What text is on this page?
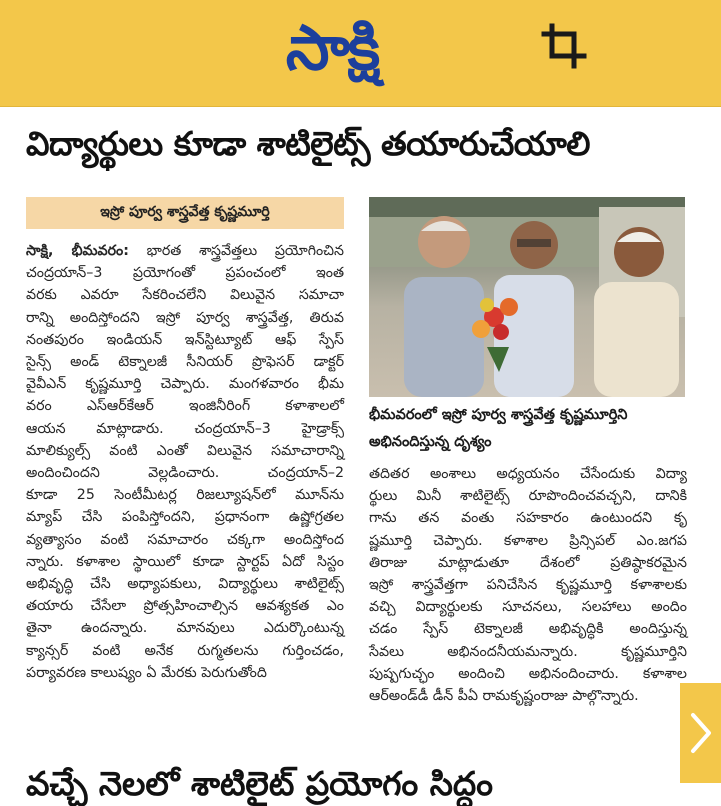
సాక్షి
విద్యార్థులు కూడా శాటిలైట్స్ తయారుచేయాలి
ఇస్రో పూర్వ శాస్త్రవేత్త కృష్ణమూర్తి
సాక్షి, భీమవరం: భారత శాస్త్రవేత్తలు ప్రయోగించిన
చంద్రయాన్‌–3 ప్రయోగంతో ప్రపంచంలో ఇంత
వరకు ఎవరూ సేకరించలేని విలువైన సమాచా
రాన్ని అందిస్తోందని ఇస్రో పూర్వ శాస్త్రవేత్త, తిరువ
నంతపురం ఇండియన్‌ ఇన్‌స్టిట్యూట్‌ ఆఫ్‌ స్పేస్‌
సైన్స్‌ అండ్‌ టెక్నాలజీ సీనియర్‌ ప్రొఫెసర్‌ డాక్టర్‌
వైవీఎన్‌ కృష్ణమూర్తి చెప్పారు. మంగళవారం భీమ
వరం ఎస్‌ఆర్‌కేఆర్‌ ఇంజినీరింగ్‌ కళాశాలలో
ఆయన మాట్లాడారు. చంద్రయాన్‌–3 హైడ్రాక్స్‌
మాలిక్యుల్స్‌ వంటి ఎంతో విలువైన సమాచారాన్ని
అందించిందని వెల్లడించారు. చంద్రయాన్‌–2
కూడా 25 సెంటీమీటర్ల రిజల్యూషన్‌లో మూన్‌ను
మ్యాప్‌ చేసి పంపిస్తోందని, ప్రధానంగా ఉష్ణోగ్రతల
వ్యత్యాసం వంటి సమాచారం చక్కగా అందిస్తోంద
న్నారు. కళాశాల స్థాయిలో కూడా స్టార్టప్‌ ఏదో సిస్టం
అభివృద్ధి చేసి అధ్యాపకులు, విద్యార్థులు శాటిలైట్స్‌
తయారు చేసేలా ప్రోత్సహించాల్సిన ఆవశ్యకత ఎం
తైనా ఉందన్నారు. మానవులు ఎదుర్కొంటున్న
క్యాన్సర్‌ వంటి అనేక రుగ్మతలను గుర్తించడం,
పర్యావరణ కాలుష్యం ఏ మేరకు పెరుగుతోంది
భీమవరంలో ఇస్రో పూర్వ శాస్త్రవేత్త కృష్ణమూర్తిని
అభినందిస్తున్న దృశ్యం
తదితర అంశాలు అధ్యయనం చేసేందుకు విద్యా
ర్థులు మినీ శాటిలైట్స్‌ రూపొందించవచ్చని, దానికి
గాను తన వంతు సహకారం ఉంటుందని కృ
ష్ణమూర్తి చెప్పారు. కళాశాల ప్రిన్సిపల్‌ ఎం.జగప
తిరాజు మాట్లాడుతూ దేశంలో ప్రతిష్ఠాకరమైన
ఇస్రో శాస్త్రవేత్తగా పనిచేసిన కృష్ణమూర్తి కళాశాలకు
వచ్చి విద్యార్థులకు సూచనలు, సలహాలు అందిం
చడం స్పేస్‌ టెక్నాలజీ అభివృద్ధికి అందిస్తున్న
సేవలు అభినందనీయమన్నారు. కృష్ణమూర్తిని
పుష్పగుచ్ఛం అందించి అభినందించారు. కళాశాల
ఆర్‌అండ్‌డీ డీన్‌ పీఏ రామకృష్ణంరాజు పాల్గొన్నారు.
వచ్చే నెలలో శాటిలైట్ ప్రయోగం సిద్ధం
